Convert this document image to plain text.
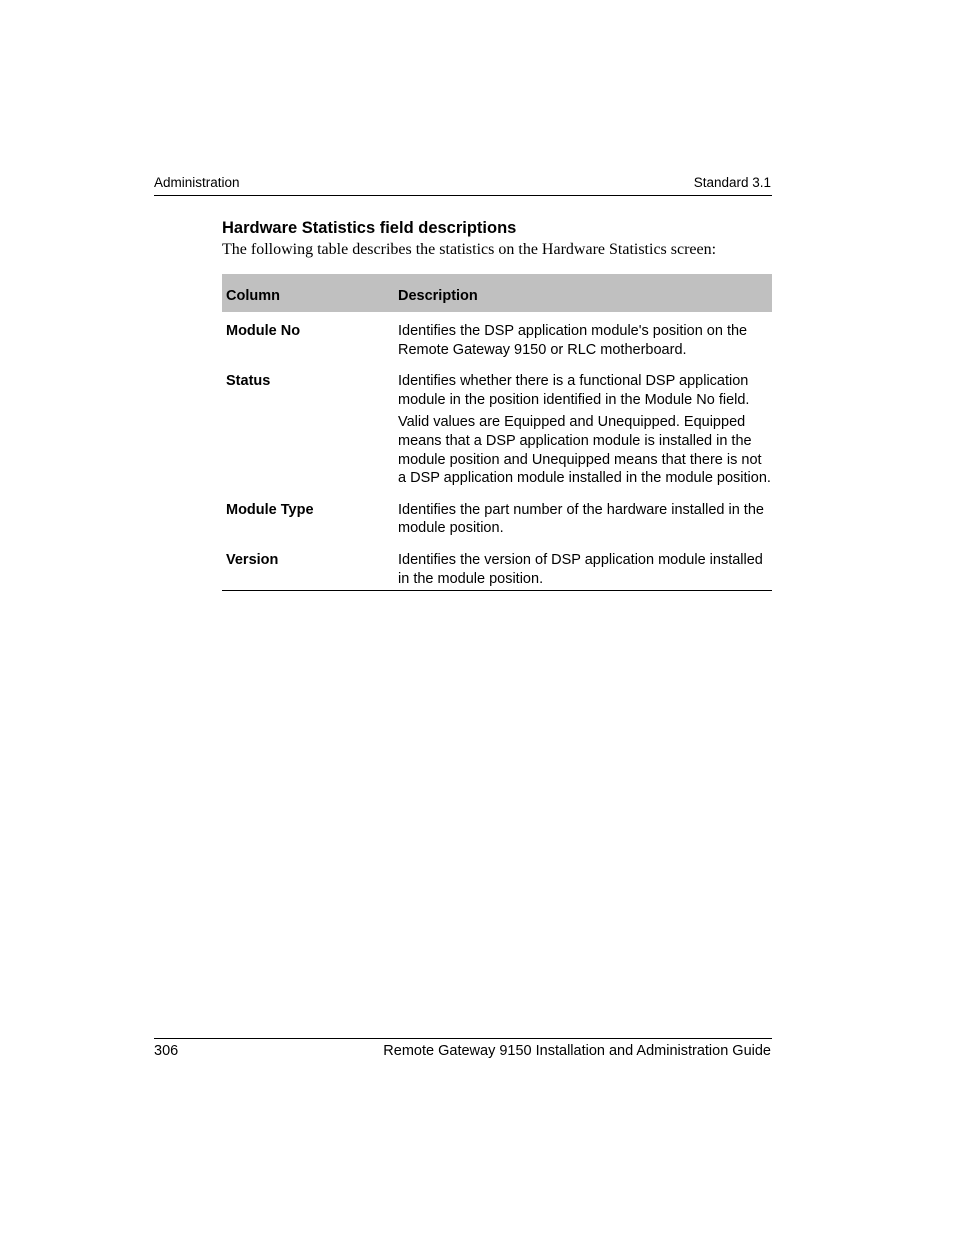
Administration	Standard 3.1
Hardware Statistics field descriptions
The following table describes the statistics on the Hardware Statistics screen:
Column	Description
Module No	Identifies the DSP application module's position on the Remote Gateway 9150 or RLC motherboard.

Status	Identifies whether there is a functional DSP application module in the position identified in the Module No field.

Valid values are Equipped and Unequipped. Equipped means that a DSP application module is installed in the module position and Unequipped means that there is not a DSP application module installed in the module position.

Module Type	Identifies the part number of the hardware installed in the module position.

Version	Identifies the version of DSP application module installed in the module position.

306	Remote Gateway 9150 Installation and Administration Guide
